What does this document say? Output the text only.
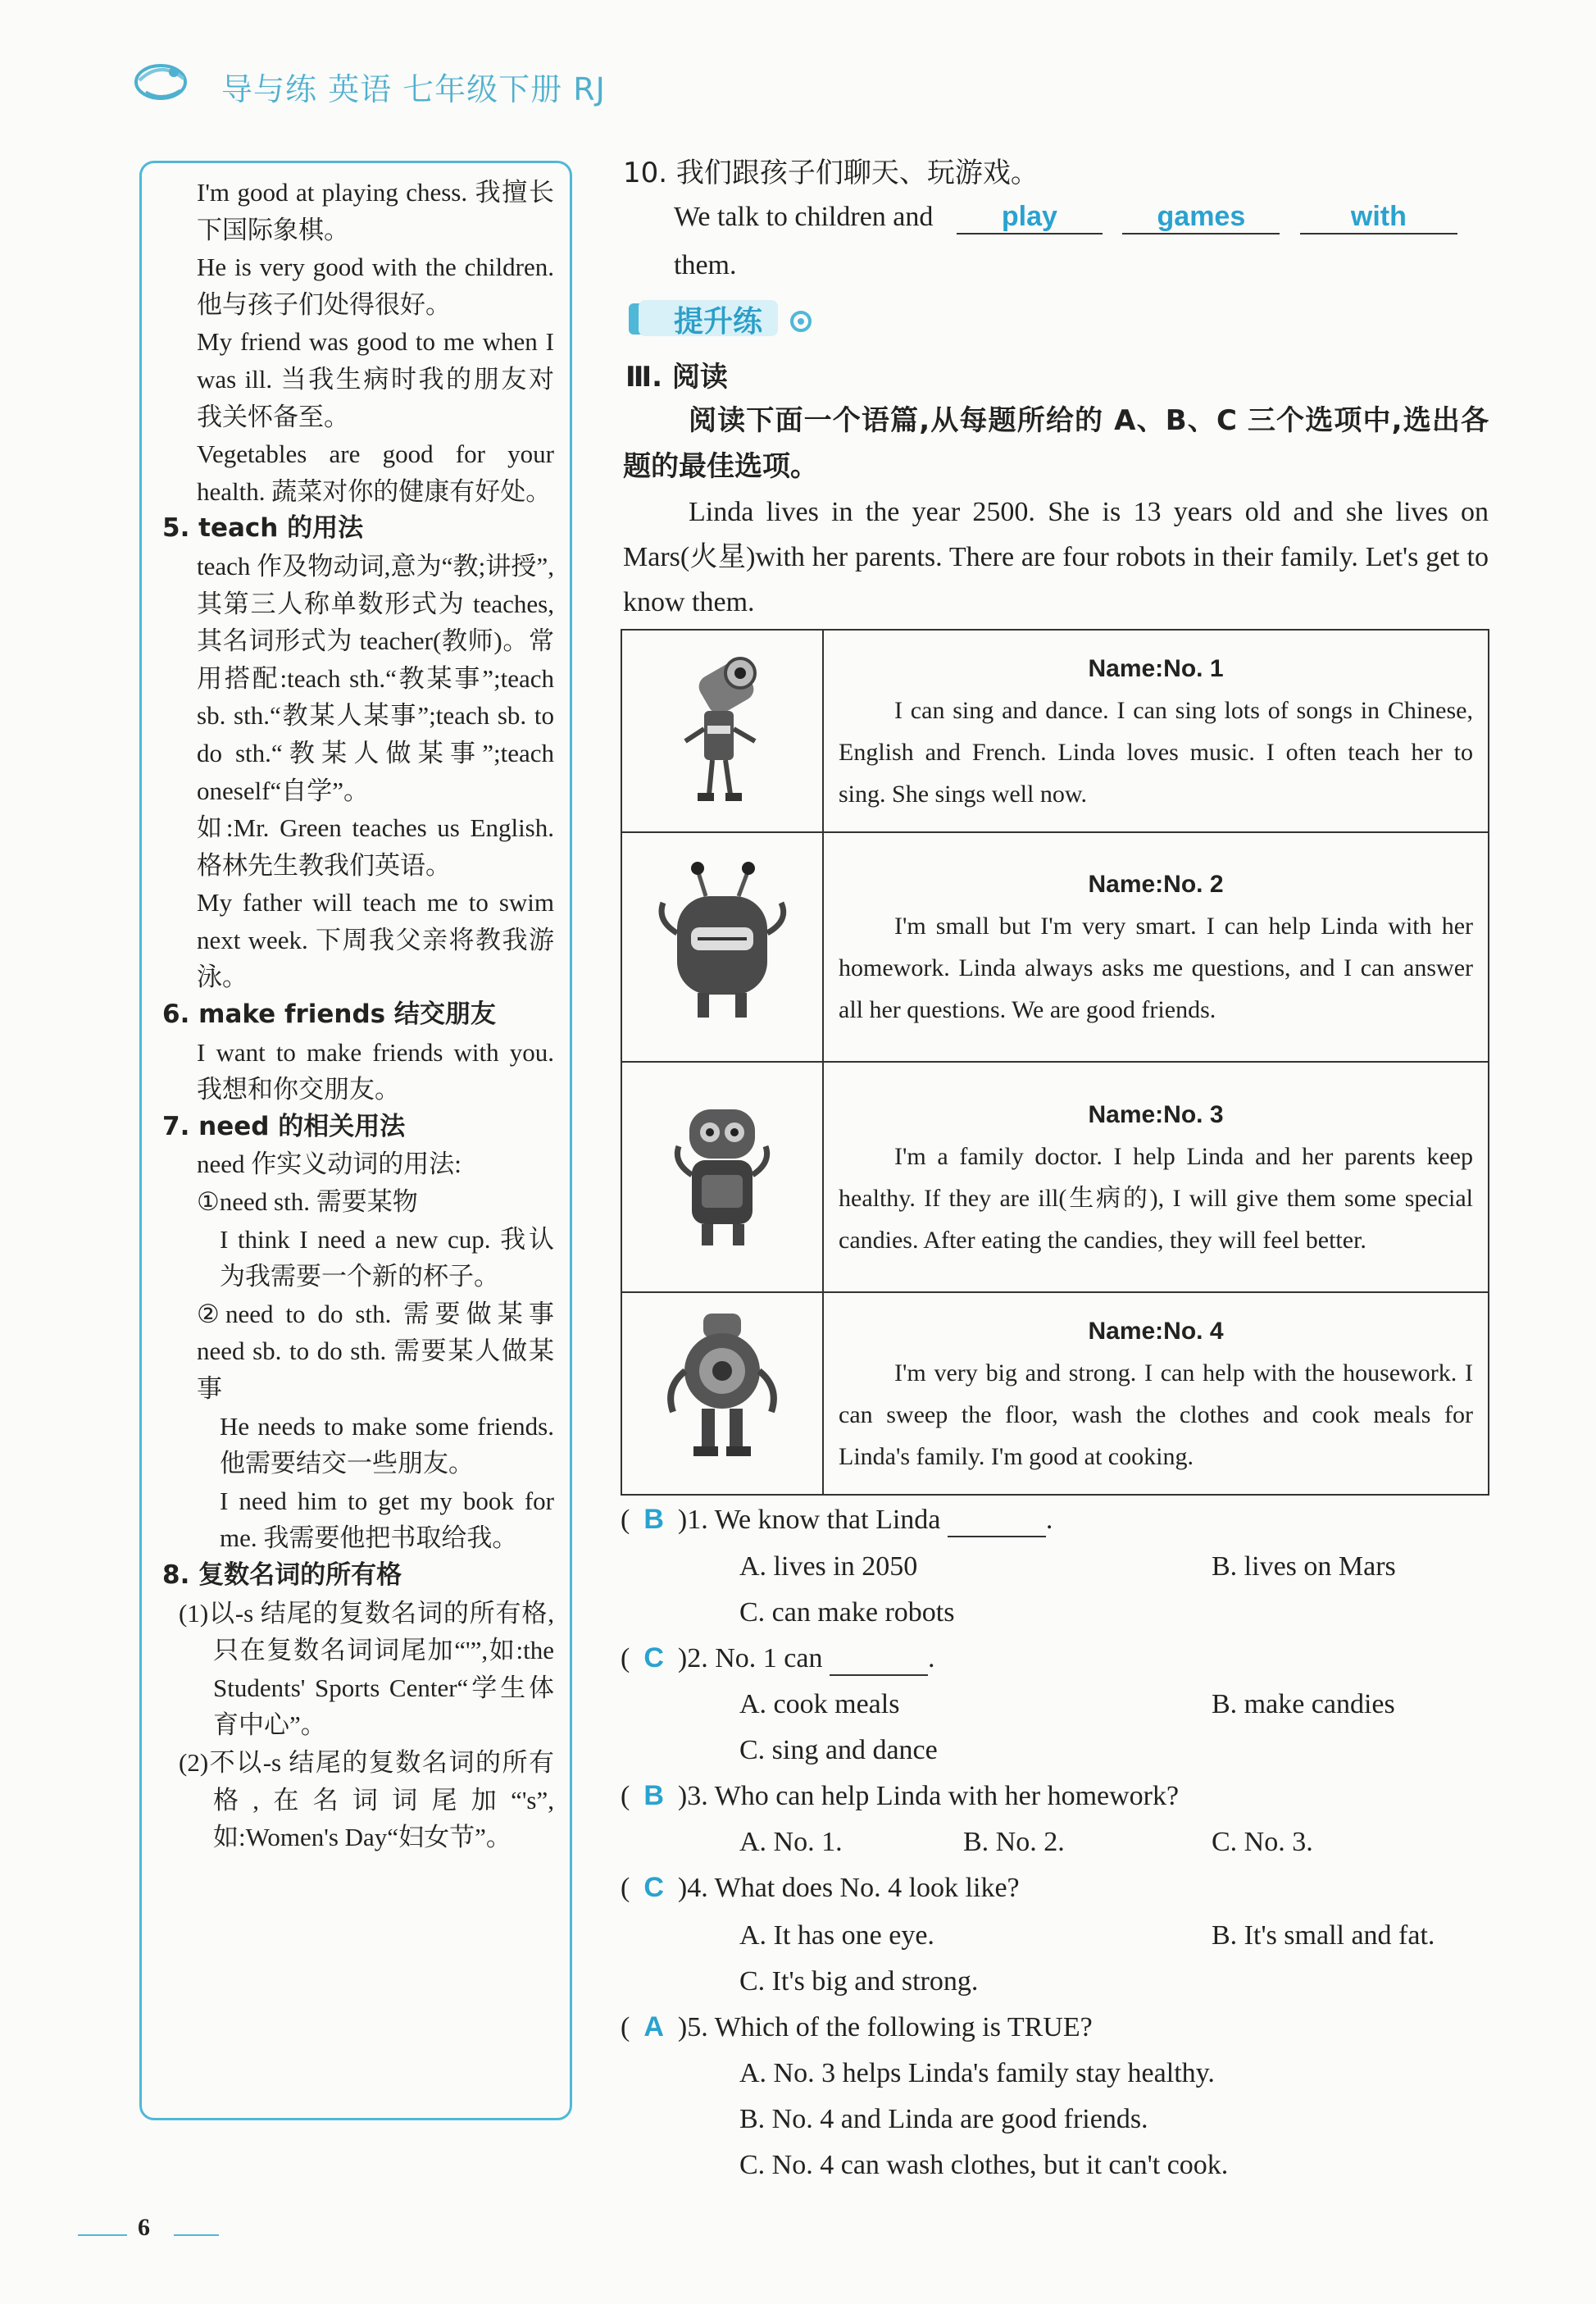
导与练 英语 七年级下册 RJ

I'm good at playing chess. 我擅长下国际象棋。

He is very good with the children. 他与孩子们处得很好。

My friend was good to me when I was ill. 当我生病时我的朋友对我关怀备至。

Vegetables are good for your health. 蔬菜对你的健康有好处。

5. teach 的用法

teach 作及物动词,意为“教;讲授”,其第三人称单数形式为 teaches,其名词形式为 teacher(教师)。常用搭配:teach sth.“教某事”;teach sb. sth.“教某人某事”;teach sb. to do sth.“教某人做某事”;teach oneself“自学”。

如:Mr. Green teaches us English. 格林先生教我们英语。

My father will teach me to swim next week. 下周我父亲将教我游泳。

6. make friends 结交朋友

I want to make friends with you. 我想和你交朋友。

7. need 的相关用法

need 作实义动词的用法:

①need sth. 需要某物

I think I need a new cup. 我认为我需要一个新的杯子。

②need to do sth. 需要做某事 need sb. to do sth. 需要某人做某事

He needs to make some friends. 他需要结交一些朋友。

I need him to get my book for me. 我需要他把书取给我。

8. 复数名词的所有格

(1)以-s 结尾的复数名词的所有格,只在复数名词词尾加“'”,如:the Students' Sports Center“学生体育中心”。

(2)不以-s 结尾的复数名词的所有格,在名词词尾加“'s”,如:Women's Day“妇女节”。

10. 我们跟孩子们聊天、玩游戏。
We talk to children and play	games	with
them.
提升练
Ⅲ. 阅读
阅读下面一个语篇,从每题所给的 A、B、C 三个选项中,选出各题的最佳选项。
Linda lives in the year 2500. She is 13 years old and she lives on Mars(火星)with her parents. There are four robots in their family. Let's get to know them.

Name:No. 1
I can sing and dance. I can sing lots of songs in Chinese, English and French. Linda loves music. I often teach her to sing. She sings well now.

Name:No. 2
I'm small but I'm very smart. I can help Linda with her homework. Linda always asks me questions, and I can answer all her questions. We are good friends.

Name:No. 3
I'm a family doctor. I help Linda and her parents keep healthy. If they are ill(生病的), I will give them some special candies. After eating the candies, they will feel better.

Name:No. 4
I'm very big and strong. I can help with the housework. I can sweep the floor, wash the clothes and cook meals for Linda's family. I'm good at cooking.
(  B )1. We know that Linda	.
A. lives in 2050	B. lives on Mars
C. can make robots
(  C )2. No. 1 can	.
A. cook meals	B. make candies
C. sing and dance
(  B )3. Who can help Linda with her homework?
A. No. 1.	B. No. 2.	C. No. 3.
(  C )4. What does No. 4 look like?
A. It has one eye.	B. It's small and fat.
C. It's big and strong.
(  A )5. Which of the following is TRUE?
A. No. 3 helps Linda's family stay healthy.
B. No. 4 and Linda are good friends.
C. No. 4 can wash clothes, but it can't cook.
6
